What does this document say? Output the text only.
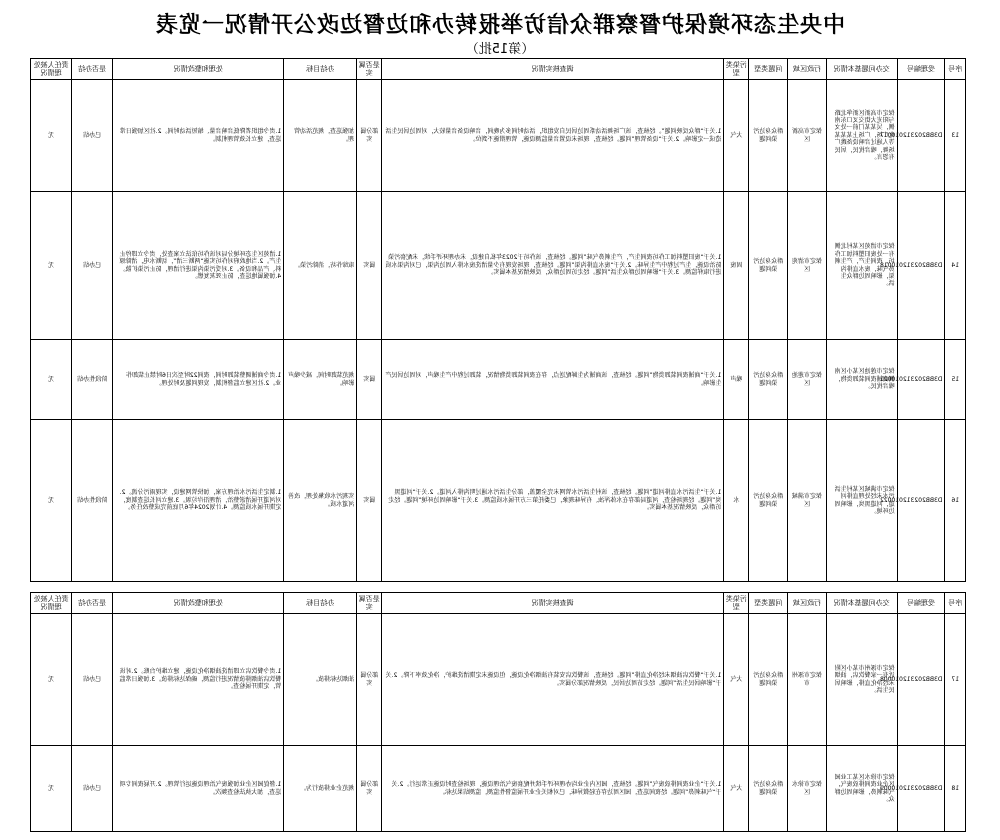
中央生态环境保护督察群众信访举报转办和边督边改公开情况一览表
（第15批）
序号	受理编号	交办问题基本情况	行政区域	问题类型	污染类型	调查核实情况	是否属实	办结目标	处理和整改情况	是否办结	责任人被处理情况
13	D3BB202312010017	保定市高新区新华北路与阳光大街交叉口东南侧，吴某某门前一处文化广场，广场上某某某等人通过音响设备跳广场舞，噪音扰民，居民有怨言。	保定市高新区	群众身边污染问题	大气	1.关于“群众反映问题”。经核查，该广场舞活动系周边居民自发组织，活动时间多为晚间，音响设备音量较大，对周边居民生活造成一定影响。2.关于“设备管理”问题。经核查，现场未设置音量监测设施，管理措施不到位。	部分属实	加强巡查，规范活动管理。	1.责令组织者降低音响音量、缩短活动时间。2.社区加强日常巡查，建立长效管理机制。	已办结	无
14	D3BB202312010018	保定市清苑区某村北侧有一处废旧塑料加工作坊，夜间生产，产生刺鼻气味，废水直排沟渠，影响周边群众生活。	保定市清苑区	群众身边污染问题	固废	1.关于“废旧塑料加工作坊夜间生产，产生刺鼻气味”问题。经核查，该作坊于2023年私自建设，未办理环评手续，未配套污染防治设施，生产过程中产生异味。2.关于“废水直排沟渠”问题。经核查，现场发现有少量清洗废水排入周边沟渠，已对沟渠水质进行取样监测。3.关于“影响周边群众生活”问题。经走访周边群众，反映情况基本属实。	属实	取缔作坊，消除污染。	1.清苑区生态环境分局对该作坊依法立案查处，责令立即停止生产。2.当地政府对作坊实施“两断三清”，切断水电，清除原料、产品和设备。3.对受污染沟渠进行清理，防止污染扩散。4.加强属地巡查，防止死灰复燃。	已办结	无
15	D3BB202312010021	保定市莲池区某小区南侧商铺夜间装卸货物，噪音扰民。	保定市莲池区	群众身边污染问题	噪声	1.关于“商铺夜间装卸货物”问题。经核查，该商铺为生鲜配送点，存在夜间装卸货物情况，装卸过程中产生噪声，对周边居民产生影响。	属实	规范装卸时间，减少噪声影响。	1.责令商铺调整装卸时间，夜间22时至次日6时禁止装卸作业。2.社区建立监督机制，发现问题及时处理。	阶段性办结	无
16	D3BB202312010022	保定市满城区某村生活污水未经处理直排河道，河道黑臭，影响周边环境。	保定市满城区	群众身边污染问题	水	1.关于“生活污水直排河道”问题。经核查，该村生活污水管网未完全覆盖，部分生活污水通过明沟排入河道。2.关于“河道黑臭”问题。经现场检查，河道局部存在水体浑浊、有异味现象，已委托第三方开展水质监测。3.关于“影响周边环境”问题。经走访群众，反映情况基本属实。	属实	实现污水收集处理，改善河道水质。	1.制定生活污水治理方案，加快管网建设，实现雨污分流。2.对河道开展清淤整治，清理沿岸垃圾。3.建立河长巡查制度，定期开展水质监测。4.计划2024年6月底前完成整改任务。	阶段性办结	无
序号	受理编号	交办问题基本情况	行政区域	问题类型	污染类型	调查核实情况	是否属实	办结目标	处理和整改情况	是否办结	责任人被处理情况
17	D3BB202312010008	保定市涿州市某小区附近有一家餐饮店，油烟未经净化直排，影响居民生活。	保定市涿州市	群众身边污染问题	大气	1.关于“餐饮店油烟未经净化直排”问题。经核查，该餐饮店安装有油烟净化设施，但设施未定期清洗维护，净化效率下降。2.关于“影响居民生活”问题。经走访周边居民，反映情况部分属实。	部分属实	油烟达标排放。	1.责令餐饮店立即清洗油烟净化设施，建立维护台账。2.对该餐饮店油烟排放情况进行监测，确保达标排放。3.加强日常监管，定期开展检查。	已办结	无
18	D3BB202312010009	保定市徐水区某工业园区企业夜间排放废气，气味刺鼻，影响周边群众。	保定市徐水区	群众身边污染问题	大气	1.关于“企业夜间排放废气”问题。经核查，园区内企业均办理环评手续并配套废气治理设施，现场检查时设施正常运行。2.关于“气味刺鼻”问题。经夜间巡查，园区周边存在轻微异味，已对相关企业开展监督性监测，监测结果达标。	部分属实	规范企业排放行为。	1.督促园区企业加强废气治理设施运行管理。2.开展夜间专项巡查，加大执法检查频次。	已办结	无
